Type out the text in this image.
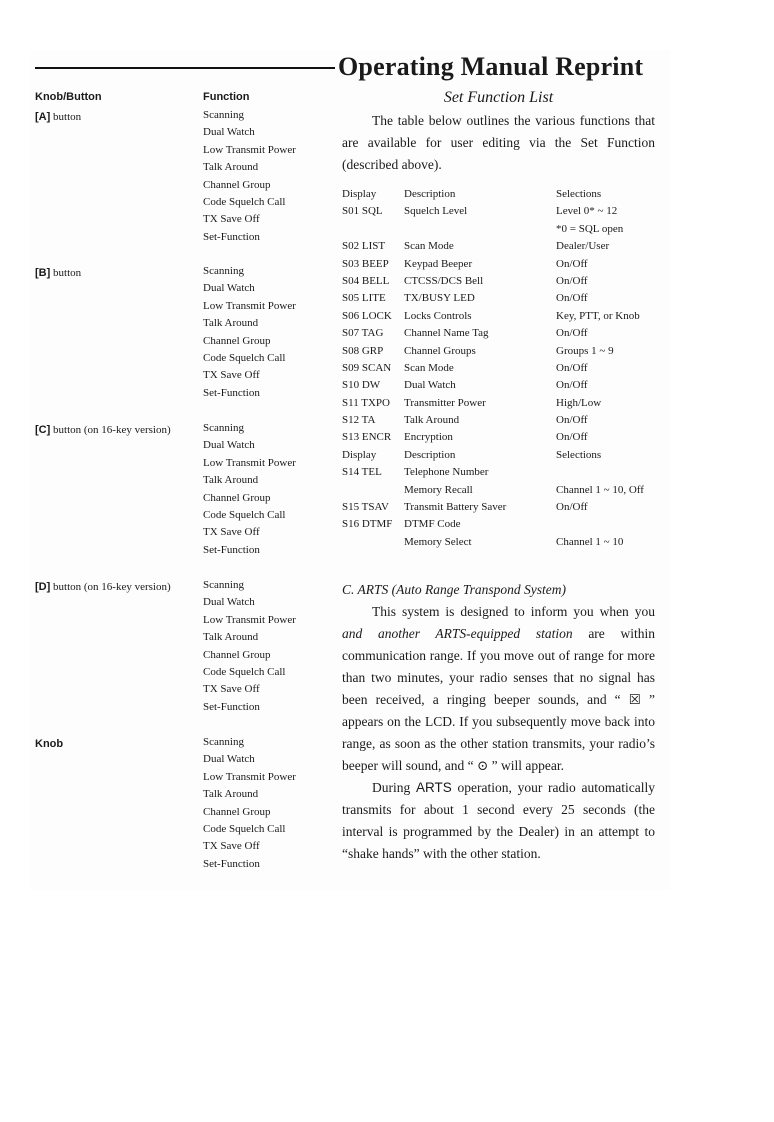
Operating Manual Reprint
Knob/Button	Function
[A] button	Scanning
Dual Watch
Low Transmit Power
Talk Around
Channel Group
Code Squelch Call
TX Save Off
Set-Function
[B] button	Scanning
Dual Watch
Low Transmit Power
Talk Around
Channel Group
Code Squelch Call
TX Save Off
Set-Function
[C] button (on 16-key version)	Scanning
Dual Watch
Low Transmit Power
Talk Around
Channel Group
Code Squelch Call
TX Save Off
Set-Function
[D] button (on 16-key version)	Scanning
Dual Watch
Low Transmit Power
Talk Around
Channel Group
Code Squelch Call
TX Save Off
Set-Function
Knob	Scanning
Dual Watch
Low Transmit Power
Talk Around
Channel Group
Code Squelch Call
TX Save Off
Set-Function
Set Function List
The table below outlines the various functions that are available for user editing via the Set Function (described above).
Display	Description	Selections
S01 SQL	Squelch Level	Level 0* ~ 12
		*0 = SQL open
S02 LIST	Scan Mode	Dealer/User
S03 BEEP	Keypad Beeper	On/Off
S04 BELL	CTCSS/DCS Bell	On/Off
S05 LITE	TX/BUSY LED	On/Off
S06 LOCK	Locks Controls	Key, PTT, or Knob
S07 TAG	Channel Name Tag	On/Off
S08 GRP	Channel Groups	Groups 1 ~ 9
S09 SCAN	Scan Mode	On/Off
S10 DW	Dual Watch	On/Off
S11 TXPO	Transmitter Power	High/Low
S12 TA	Talk Around	On/Off
S13 ENCR	Encryption	On/Off
Display	Description	Selections
S14 TEL	Telephone Number	
	Memory Recall	Channel 1 ~ 10, Off
S15 TSAV	Transmit Battery Saver	On/Off
S16 DTMF	DTMF Code	
	Memory Select	Channel 1 ~ 10
C. ARTS (Auto Range Transpond System)
This system is designed to inform you when you and another ARTS-equipped station are within communication range. If you move out of range for more than two minutes, your radio senses that no signal has been received, a ringing beeper sounds, and “ ☒ ” appears on the LCD. If you subsequently move back into range, as soon as the other station transmits, your radio’s beeper will sound, and “ ⊙ ” will appear.
During ARTS operation, your radio automatically transmits for about 1 second every 25 seconds (the interval is programmed by the Dealer) in an attempt to “shake hands” with the other station.
